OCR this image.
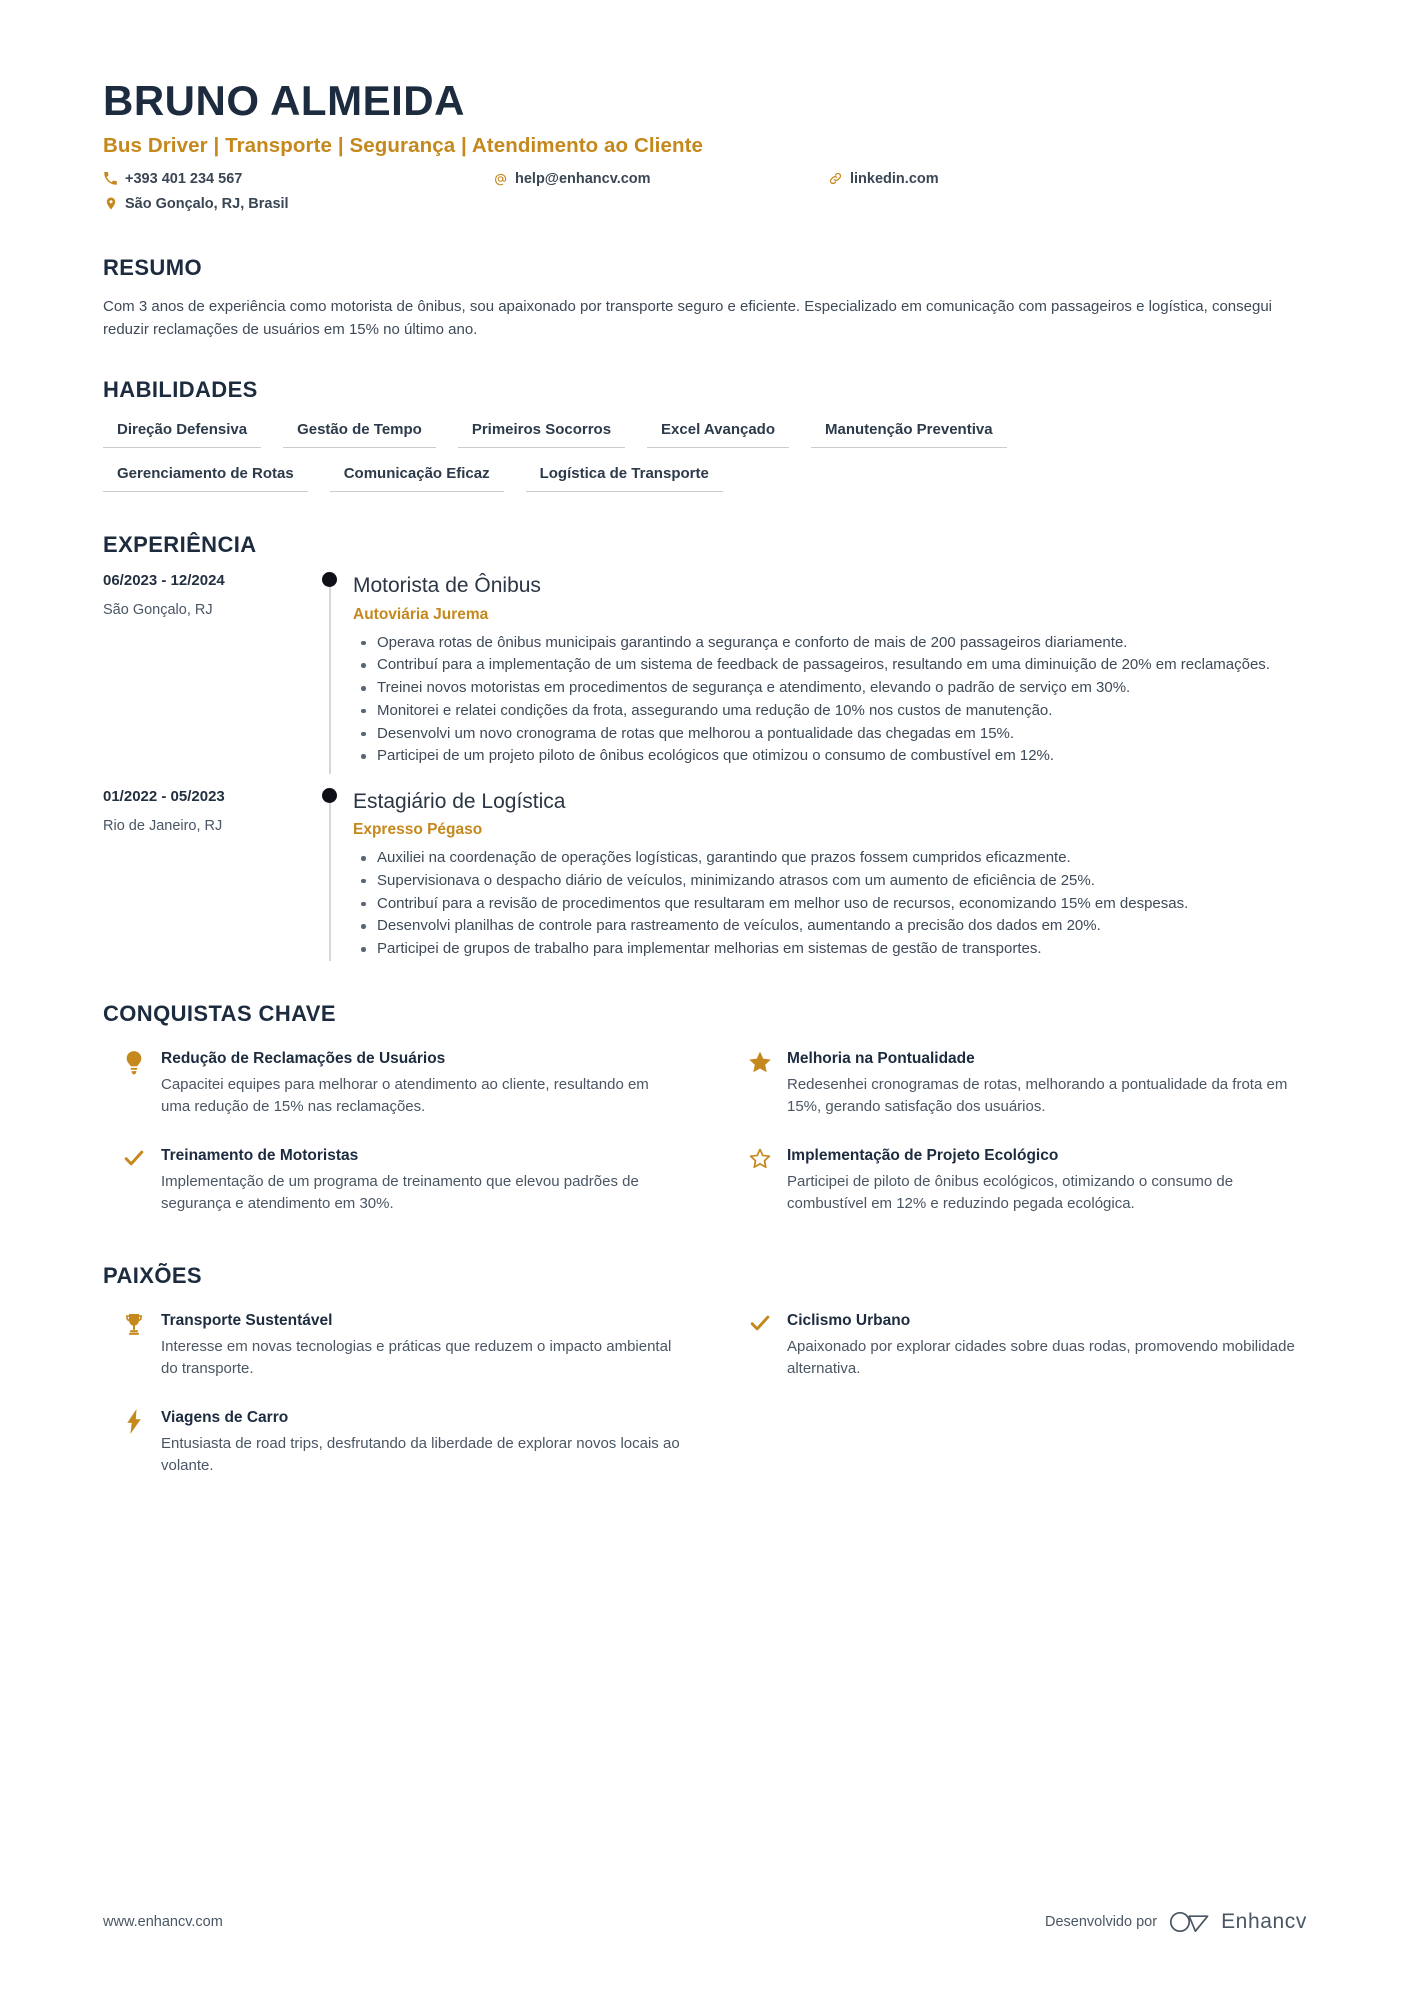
BRUNO ALMEIDA
Bus Driver | Transporte | Segurança | Atendimento ao Cliente
+393 401 234 567	help@enhancv.com	linkedin.com
São Gonçalo, RJ, Brasil
RESUMO

Com 3 anos de experiência como motorista de ônibus, sou apaixonado por transporte seguro e eficiente. Especializado em comunicação com passageiros e logística, consegui reduzir reclamações de usuários em 15% no último ano.

HABILIDADES
Direção Defensiva	Gestão de Tempo	Primeiros Socorros	Excel Avançado	Manutenção Preventiva
Gerenciamento de Rotas	Comunicação Eficaz	Logística de Transporte
EXPERIÊNCIA
06/2023 - 12/2024
São Gonçalo, RJ
Motorista de Ônibus
Autoviária Jurema
Operava rotas de ônibus municipais garantindo a segurança e conforto de mais de 200 passageiros diariamente.
Contribuí para a implementação de um sistema de feedback de passageiros, resultando em uma diminuição de 20% em reclamações.
Treinei novos motoristas em procedimentos de segurança e atendimento, elevando o padrão de serviço em 30%.
Monitorei e relatei condições da frota, assegurando uma redução de 10% nos custos de manutenção.
Desenvolvi um novo cronograma de rotas que melhorou a pontualidade das chegadas em 15%.
Participei de um projeto piloto de ônibus ecológicos que otimizou o consumo de combustível em 12%.
01/2022 - 05/2023
Rio de Janeiro, RJ
Estagiário de Logística
Expresso Pégaso
Auxiliei na coordenação de operações logísticas, garantindo que prazos fossem cumpridos eficazmente.
Supervisionava o despacho diário de veículos, minimizando atrasos com um aumento de eficiência de 25%.
Contribuí para a revisão de procedimentos que resultaram em melhor uso de recursos, economizando 15% em despesas.
Desenvolvi planilhas de controle para rastreamento de veículos, aumentando a precisão dos dados em 20%.
Participei de grupos de trabalho para implementar melhorias em sistemas de gestão de transportes.
CONQUISTAS CHAVE
Redução de Reclamações de Usuários
Capacitei equipes para melhorar o atendimento ao cliente, resultando em uma redução de 15% nas reclamações.
Melhoria na Pontualidade
Redesenhei cronogramas de rotas, melhorando a pontualidade da frota em 15%, gerando satisfação dos usuários.
Treinamento de Motoristas
Implementação de um programa de treinamento que elevou padrões de segurança e atendimento em 30%.
Implementação de Projeto Ecológico
Participei de piloto de ônibus ecológicos, otimizando o consumo de combustível em 12% e reduzindo pegada ecológica.
PAIXÕES
Transporte Sustentável
Interesse em novas tecnologias e práticas que reduzem o impacto ambiental do transporte.
Ciclismo Urbano
Apaixonado por explorar cidades sobre duas rodas, promovendo mobilidade alternativa.
Viagens de Carro
Entusiasta de road trips, desfrutando da liberdade de explorar novos locais ao volante.
www.enhancv.com	Desenvolvido por	Enhancv
